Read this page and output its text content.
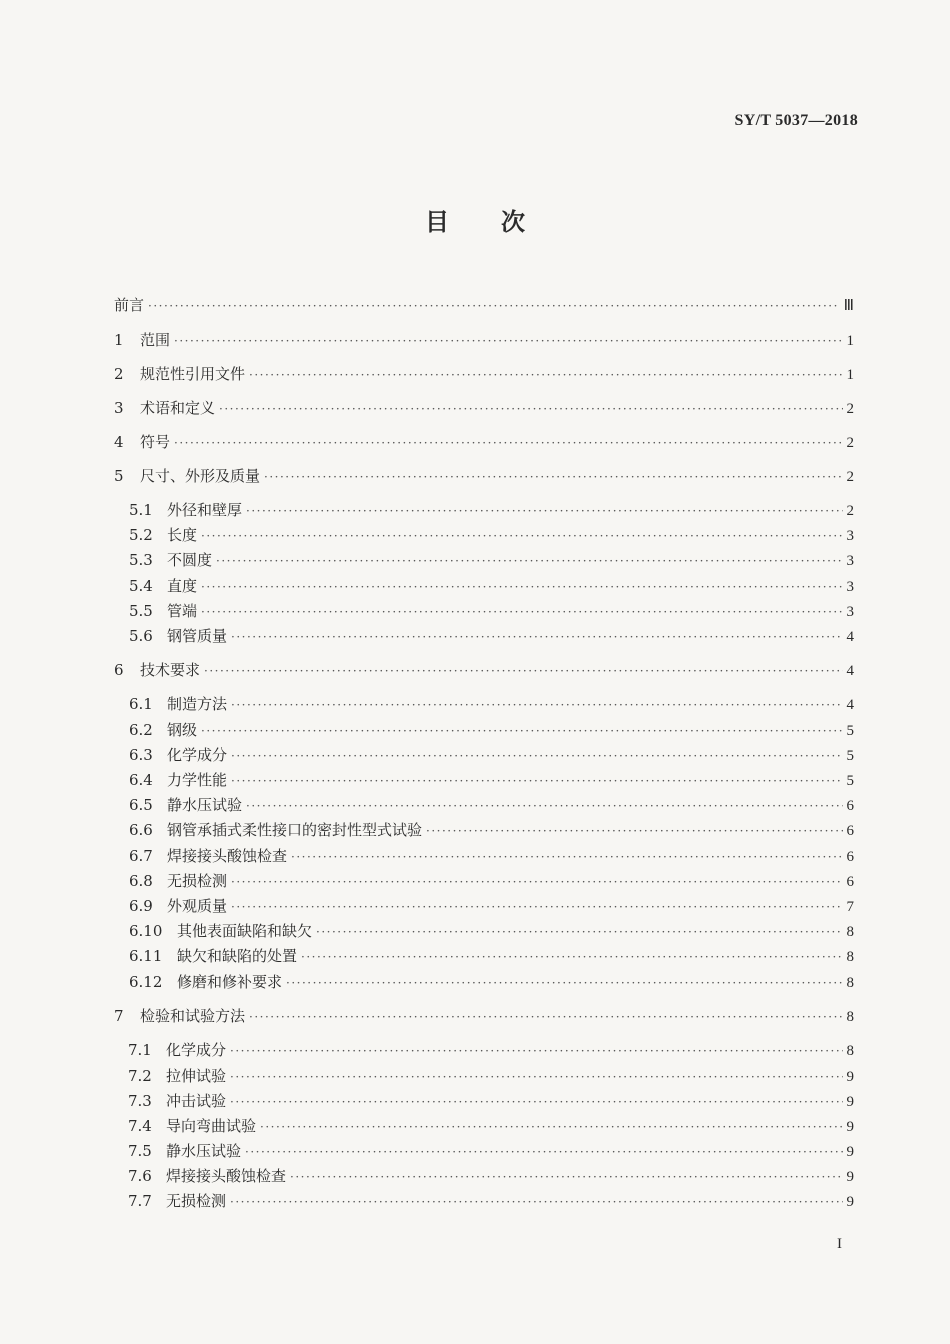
SY/T 5037—2018
目 次
前言 ·····	Ⅲ
1	范围 ·····	1
2	规范性引用文件 ·····	1
3	术语和定义 ·····	2
4	符号 ·····	2
5	尺寸、外形及质量 ·····	2
5.1 外径和壁厚 ·····	2
5.2 长度 ·····	3
5.3 不圆度 ·····	3
5.4 直度 ·····	3
5.5 管端 ·····	3
5.6 钢管质量 ·····	4
6	技术要求 ·····	4
6.1 制造方法 ·····	4
6.2 钢级 ·····	5
6.3 化学成分 ·····	5
6.4 力学性能 ·····	5
6.5 静水压试验 ·····	6
6.6 钢管承插式柔性接口的密封性型式试验 ·····	6
6.7 焊接接头酸蚀检查 ·····	6
6.8 无损检测 ·····	6
6.9 外观质量 ·····	7
6.10 其他表面缺陷和缺欠 ·····	8
6.11 缺欠和缺陷的处置 ·····	8
6.12 修磨和修补要求 ·····	8
7	检验和试验方法 ·····	8
7.1 化学成分 ·····	8
7.2 拉伸试验 ·····	9
7.3 冲击试验 ·····	9
7.4 导向弯曲试验 ·····	9
7.5 静水压试验 ·····	9
7.6 焊接接头酸蚀检查 ·····	9
7.7 无损检测 ·····	9
I
